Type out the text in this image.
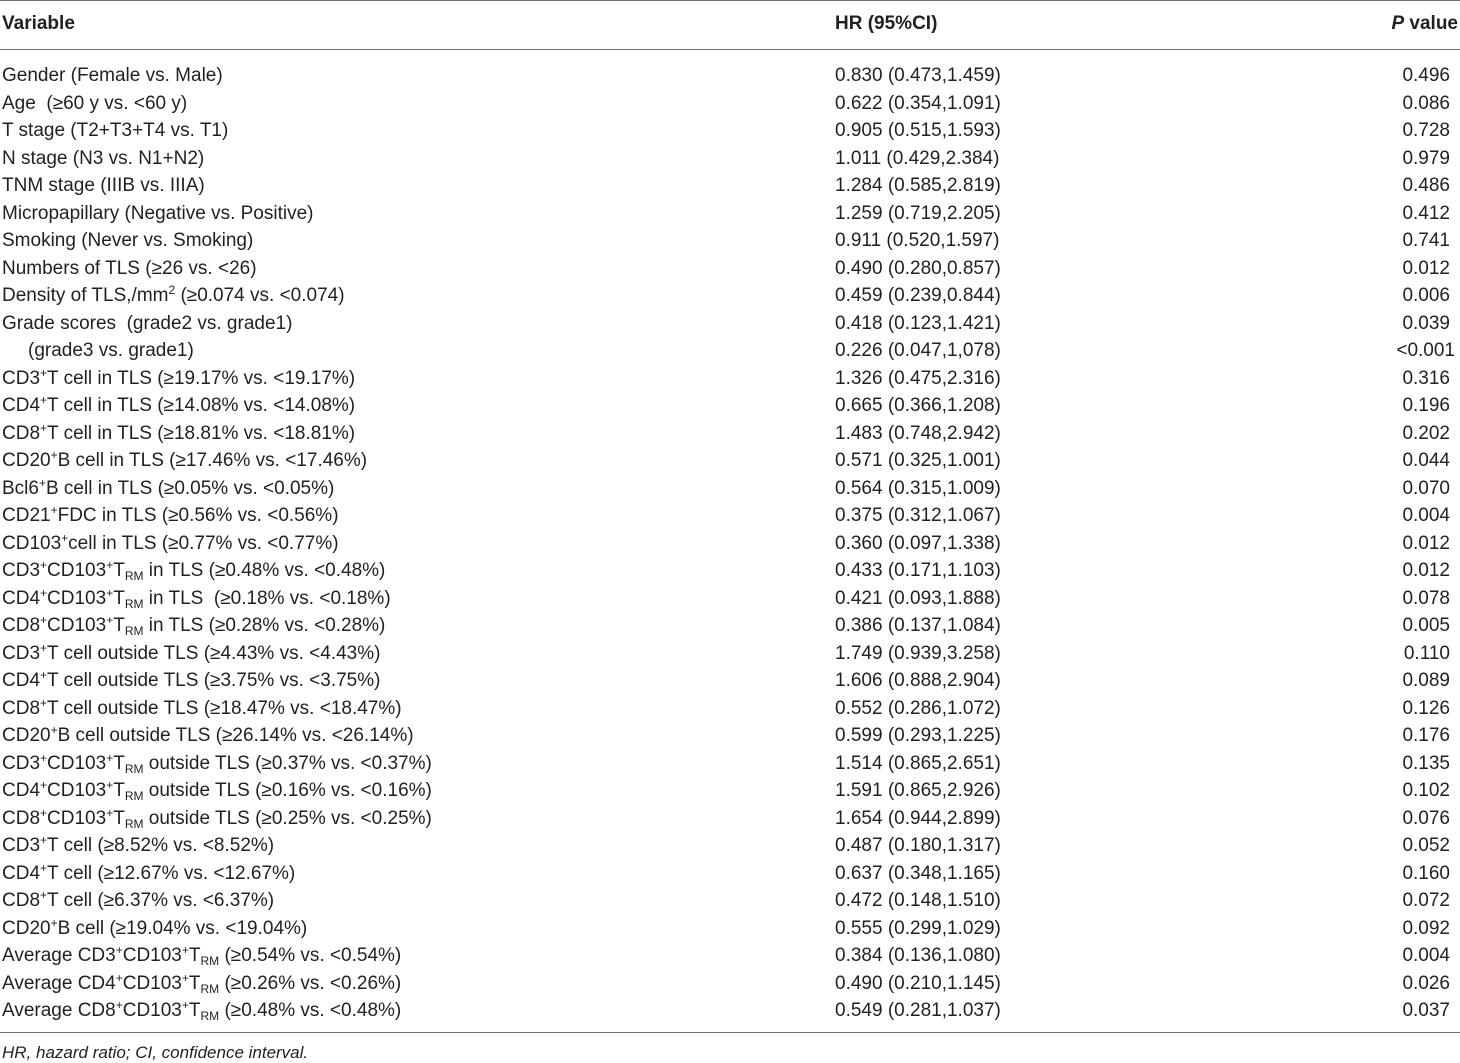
Variable	HR (95%CI)	P value
Gender (Female vs. Male)	0.830 (0.473,1.459)	0.496
Age  (≥60 y vs. <60 y)	0.622 (0.354,1.091)	0.086
T stage (T2+T3+T4 vs. T1)	0.905 (0.515,1.593)	0.728
N stage (N3 vs. N1+N2)	1.011 (0.429,2.384)	0.979
TNM stage (IIIB vs. IIIA)	1.284 (0.585,2.819)	0.486
Micropapillary (Negative vs. Positive)	1.259 (0.719,2.205)	0.412
Smoking (Never vs. Smoking)	0.911 (0.520,1.597)	0.741
Numbers of TLS (≥26 vs. <26)	0.490 (0.280,0.857)	0.012
Density of $TLS,/mm^2$ (≥0.074 vs. <0.074)	0.459 (0.239,0.844)	0.006
Grade scores  (grade2 vs. grade1)	0.418 (0.123,1.421)	0.039
(grade3 vs. grade1)	0.226 (0.047,1,078)	<0.001
CD3+T cell in TLS (≥19.17% vs. <19.17%)	1.326 (0.475,2.316)	0.316
CD4+T cell in TLS (≥14.08% vs. <14.08%)	0.665 (0.366,1.208)	0.196
CD8+T cell in TLS (≥18.81% vs. <18.81%)	1.483 (0.748,2.942)	0.202
CD20+B cell in TLS (≥17.46% vs. <17.46%)	0.571 (0.325,1.001)	0.044
Bcl6+B cell in TLS (≥0.05% vs. <0.05%)	0.564 (0.315,1.009)	0.070
CD21+FDC in TLS (≥0.56% vs. <0.56%)	0.375 (0.312,1.067)	0.004
CD103+cell in TLS (≥0.77% vs. <0.77%)	0.360 (0.097,1.338)	0.012
$CD3^+CD103^+T_{RM}$ in TLS (≥0.48% vs. <0.48%)	0.433 (0.171,1.103)	0.012
$CD4^+CD103^+T_{RM}$ in TLS  (≥0.18% vs. <0.18%)	0.421 (0.093,1.888)	0.078
$CD8^+CD103^+T_{RM}$ in TLS (≥0.28% vs. <0.28%)	0.386 (0.137,1.084)	0.005
CD3+T cell outside TLS (≥4.43% vs. <4.43%)	1.749 (0.939,3.258)	0.110
CD4+T cell outside TLS (≥3.75% vs. <3.75%)	1.606 (0.888,2.904)	0.089
CD8+T cell outside TLS (≥18.47% vs. <18.47%)	0.552 (0.286,1.072)	0.126
CD20+B cell outside TLS (≥26.14% vs. <26.14%)	0.599 (0.293,1.225)	0.176
$CD3^+CD103^+T_{RM}$ outside TLS (≥0.37% vs. <0.37%)	1.514 (0.865,2.651)	0.135
$CD4^+CD103^+T_{RM}$ outside TLS (≥0.16% vs. <0.16%)	1.591 (0.865,2.926)	0.102
$CD8^+CD103^+T_{RM}$ outside TLS (≥0.25% vs. <0.25%)	1.654 (0.944,2.899)	0.076
CD3+T cell (≥8.52% vs. <8.52%)	0.487 (0.180,1.317)	0.052
CD4+T cell (≥12.67% vs. <12.67%)	0.637 (0.348,1.165)	0.160
CD8+T cell (≥6.37% vs. <6.37%)	0.472 (0.148,1.510)	0.072
CD20+B cell (≥19.04% vs. <19.04%)	0.555 (0.299,1.029)	0.092
Average $CD3^+CD103^+T_{RM}$ (≥0.54% vs. <0.54%)	0.384 (0.136,1.080)	0.004
Average $CD4^+CD103^+T_{RM}$ (≥0.26% vs. <0.26%)	0.490 (0.210,1.145)	0.026
Average $CD8^+CD103^+T_{RM}$ (≥0.48% vs. <0.48%)	0.549 (0.281,1.037)	0.037
HR, hazard ratio; CI, confidence interval.
